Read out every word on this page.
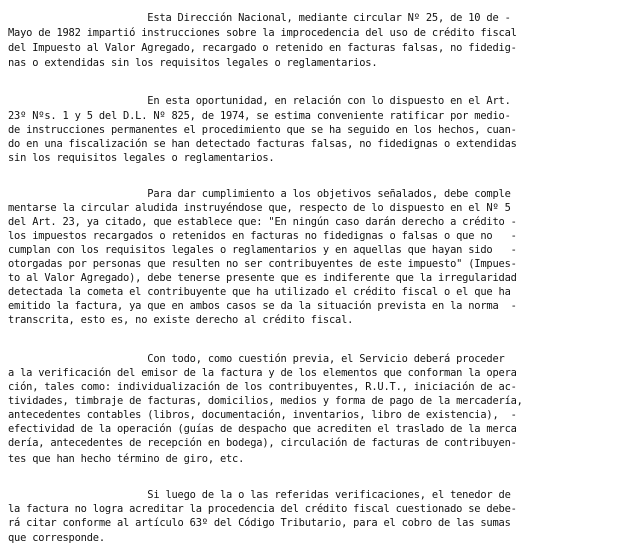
Esta Dirección Nacional, mediante circular Nº 25, de 10 de -
Mayo de 1982 impartió instrucciones sobre la improcedencia del uso de crédito fiscal
del Impuesto al Valor Agregado, recargado o retenido en facturas falsas, no fidedig-
nas o extendidas sin los requisitos legales o reglamentarios.
En esta oportunidad, en relación con lo dispuesto en el Art.
23º Nºs. 1 y 5 del D.L. Nº 825, de 1974, se estima conveniente ratificar por medio-
de instrucciones permanentes el procedimiento que se ha seguido en los hechos, cuan-
do en una fiscalización se han detectado facturas falsas, no fidedignas o extendidas
sin los requisitos legales o reglamentarios.
Para dar cumplimiento a los objetivos señalados, debe comple
mentarse la circular aludida instruyéndose que, respecto de lo dispuesto en el Nº 5
del Art. 23, ya citado, que establece que: "En ningún caso darán derecho a crédito -
los impuestos recargados o retenidos en facturas no fidedignas o falsas o que no   -
cumplan con los requisitos legales o reglamentarios y en aquellas que hayan sido   -
otorgadas por personas que resulten no ser contribuyentes de este impuesto" (Impues-
to al Valor Agregado), debe tenerse presente que es indiferente que la irregularidad
detectada la cometa el contribuyente que ha utilizado el crédito fiscal o el que ha
emitido la factura, ya que en ambos casos se da la situación prevista en la norma  -
transcrita, esto es, no existe derecho al crédito fiscal.
Con todo, como cuestión previa, el Servicio deberá proceder
a la verificación del emisor de la factura y de los elementos que conforman la opera
ción, tales como: individualización de los contribuyentes, R.U.T., iniciación de ac-
tividades, timbraje de facturas, domicilios, medios y forma de pago de la mercadería,
antecedentes contables (libros, documentación, inventarios, libro de existencia),  -
efectividad de la operación (guías de despacho que acrediten el traslado de la merca
dería, antecedentes de recepción en bodega), circulación de facturas de contribuyen-
tes que han hecho término de giro, etc.
Si luego de la o las referidas verificaciones, el tenedor de
la factura no logra acreditar la procedencia del crédito fiscal cuestionado se debe-
rá citar conforme al artículo 63º del Código Tributario, para el cobro de las sumas
que corresponde.
